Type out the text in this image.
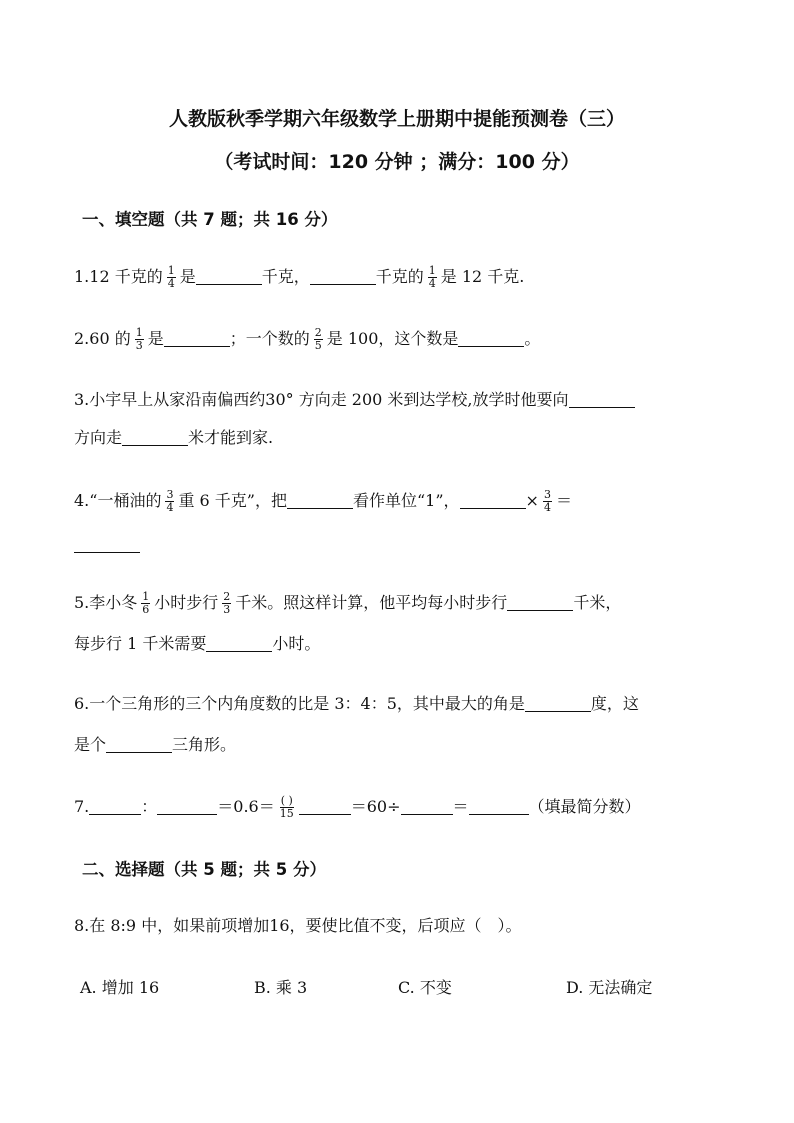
人教版秋季学期六年级数学上册期中提能预测卷（三）
（考试时间：120 分钟 ；满分：100 分）
一、填空题（共 7 题；共 16 分）
1.12 千克的 $\frac{1}{4}$ 是	千克，	千克的 $\frac{1}{4}$ 是 12 千克.
2.60 的 $\frac{1}{3}$ 是	；一个数的 $\frac{2}{5}$ 是 100，这个数是	。
3.小宇早上从家沿南偏西约30° 方向走 200 米到达学校,放学时他要向
方向走	米才能到家.
4.“一桶油的 $\frac{3}{4}$ 重 6 千克”，把	看作单位“1”，	× $\frac{3}{4}$ ＝
5.李小冬 $\frac{1}{6}$ 小时步行 $\frac{2}{3}$ 千米。照这样计算，他平均每小时步行	千米，
每步行 1 千米需要	小时。
6.一个三角形的三个内角度数的比是 3：4：5，其中最大的角是	度，这
是个	三角形。
7.	：	$=0.6= \frac{( )}{15}$	＝60÷	＝	（填最简分数）
二、选择题（共 5 题；共 5 分）
8.在 8:9 中，如果前项增加16，要使比值不变，后项应（　）。
A. 增加 16	B. 乘 3	C. 不变	D. 无法确定
